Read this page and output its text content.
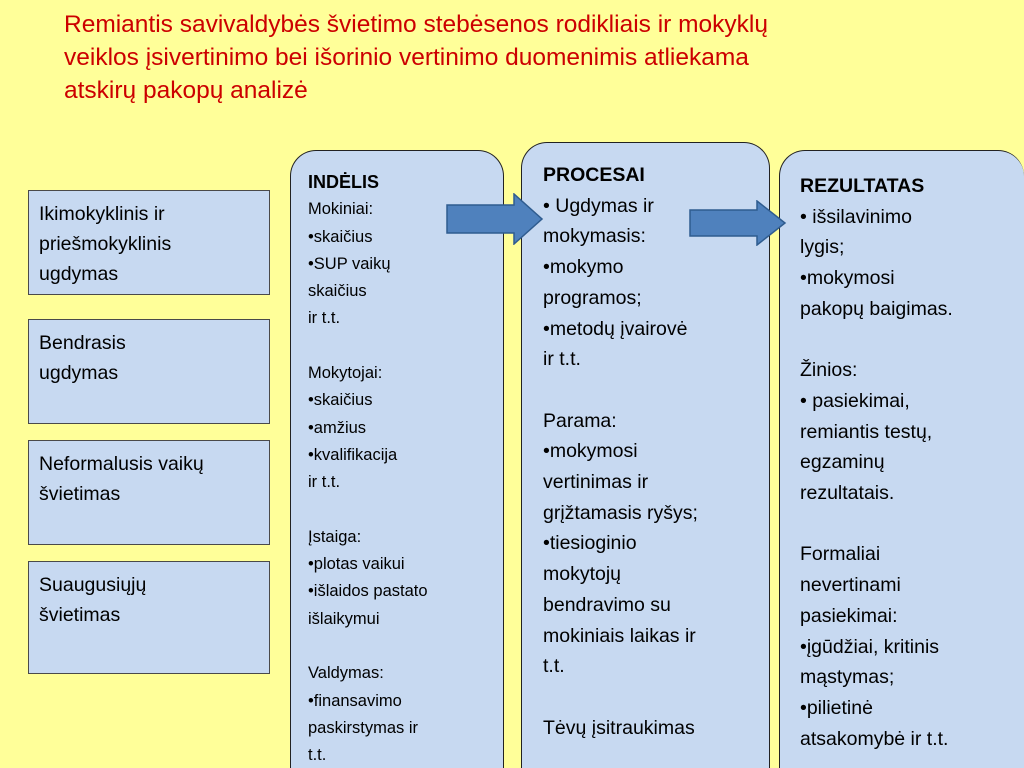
Remiantis savivaldybės švietimo stebėsenos rodikliais ir mokyklų
veiklos įsivertinimo bei išorinio vertinimo duomenimis atliekama
atskirų pakopų analizė
Ikimokyklinis ir
priešmokyklinis
ugdymas
Bendrasis
ugdymas
Neformalusis vaikų
švietimas
Suaugusiųjų
švietimas
INDĖLIS
Mokiniai:
•skaičius
•SUP vaikų
skaičius
ir t.t.
Mokytojai:
•skaičius
•amžius
•kvalifikacija
ir t.t.
Įstaiga:
•plotas vaikui
•išlaidos pastato
išlaikymui
Valdymas:
•finansavimo
paskirstymas ir
t.t.
PROCESAI
• Ugdymas ir
mokymasis:
•mokymo
programos;
•metodų įvairovė
ir t.t.
Parama:
•mokymosi
vertinimas ir
grįžtamasis ryšys;
•tiesioginio
mokytojų
bendravimo su
mokiniais laikas ir
t.t.
Tėvų įsitraukimas
REZULTATAS
• išsilavinimo
lygis;
•mokymosi
pakopų baigimas.
Žinios:
• pasiekimai,
remiantis testų,
egzaminų
rezultatais.
Formaliai
nevertinami
pasiekimai:
•įgūdžiai, kritinis
mąstymas;
•pilietinė
atsakomybė ir t.t.
